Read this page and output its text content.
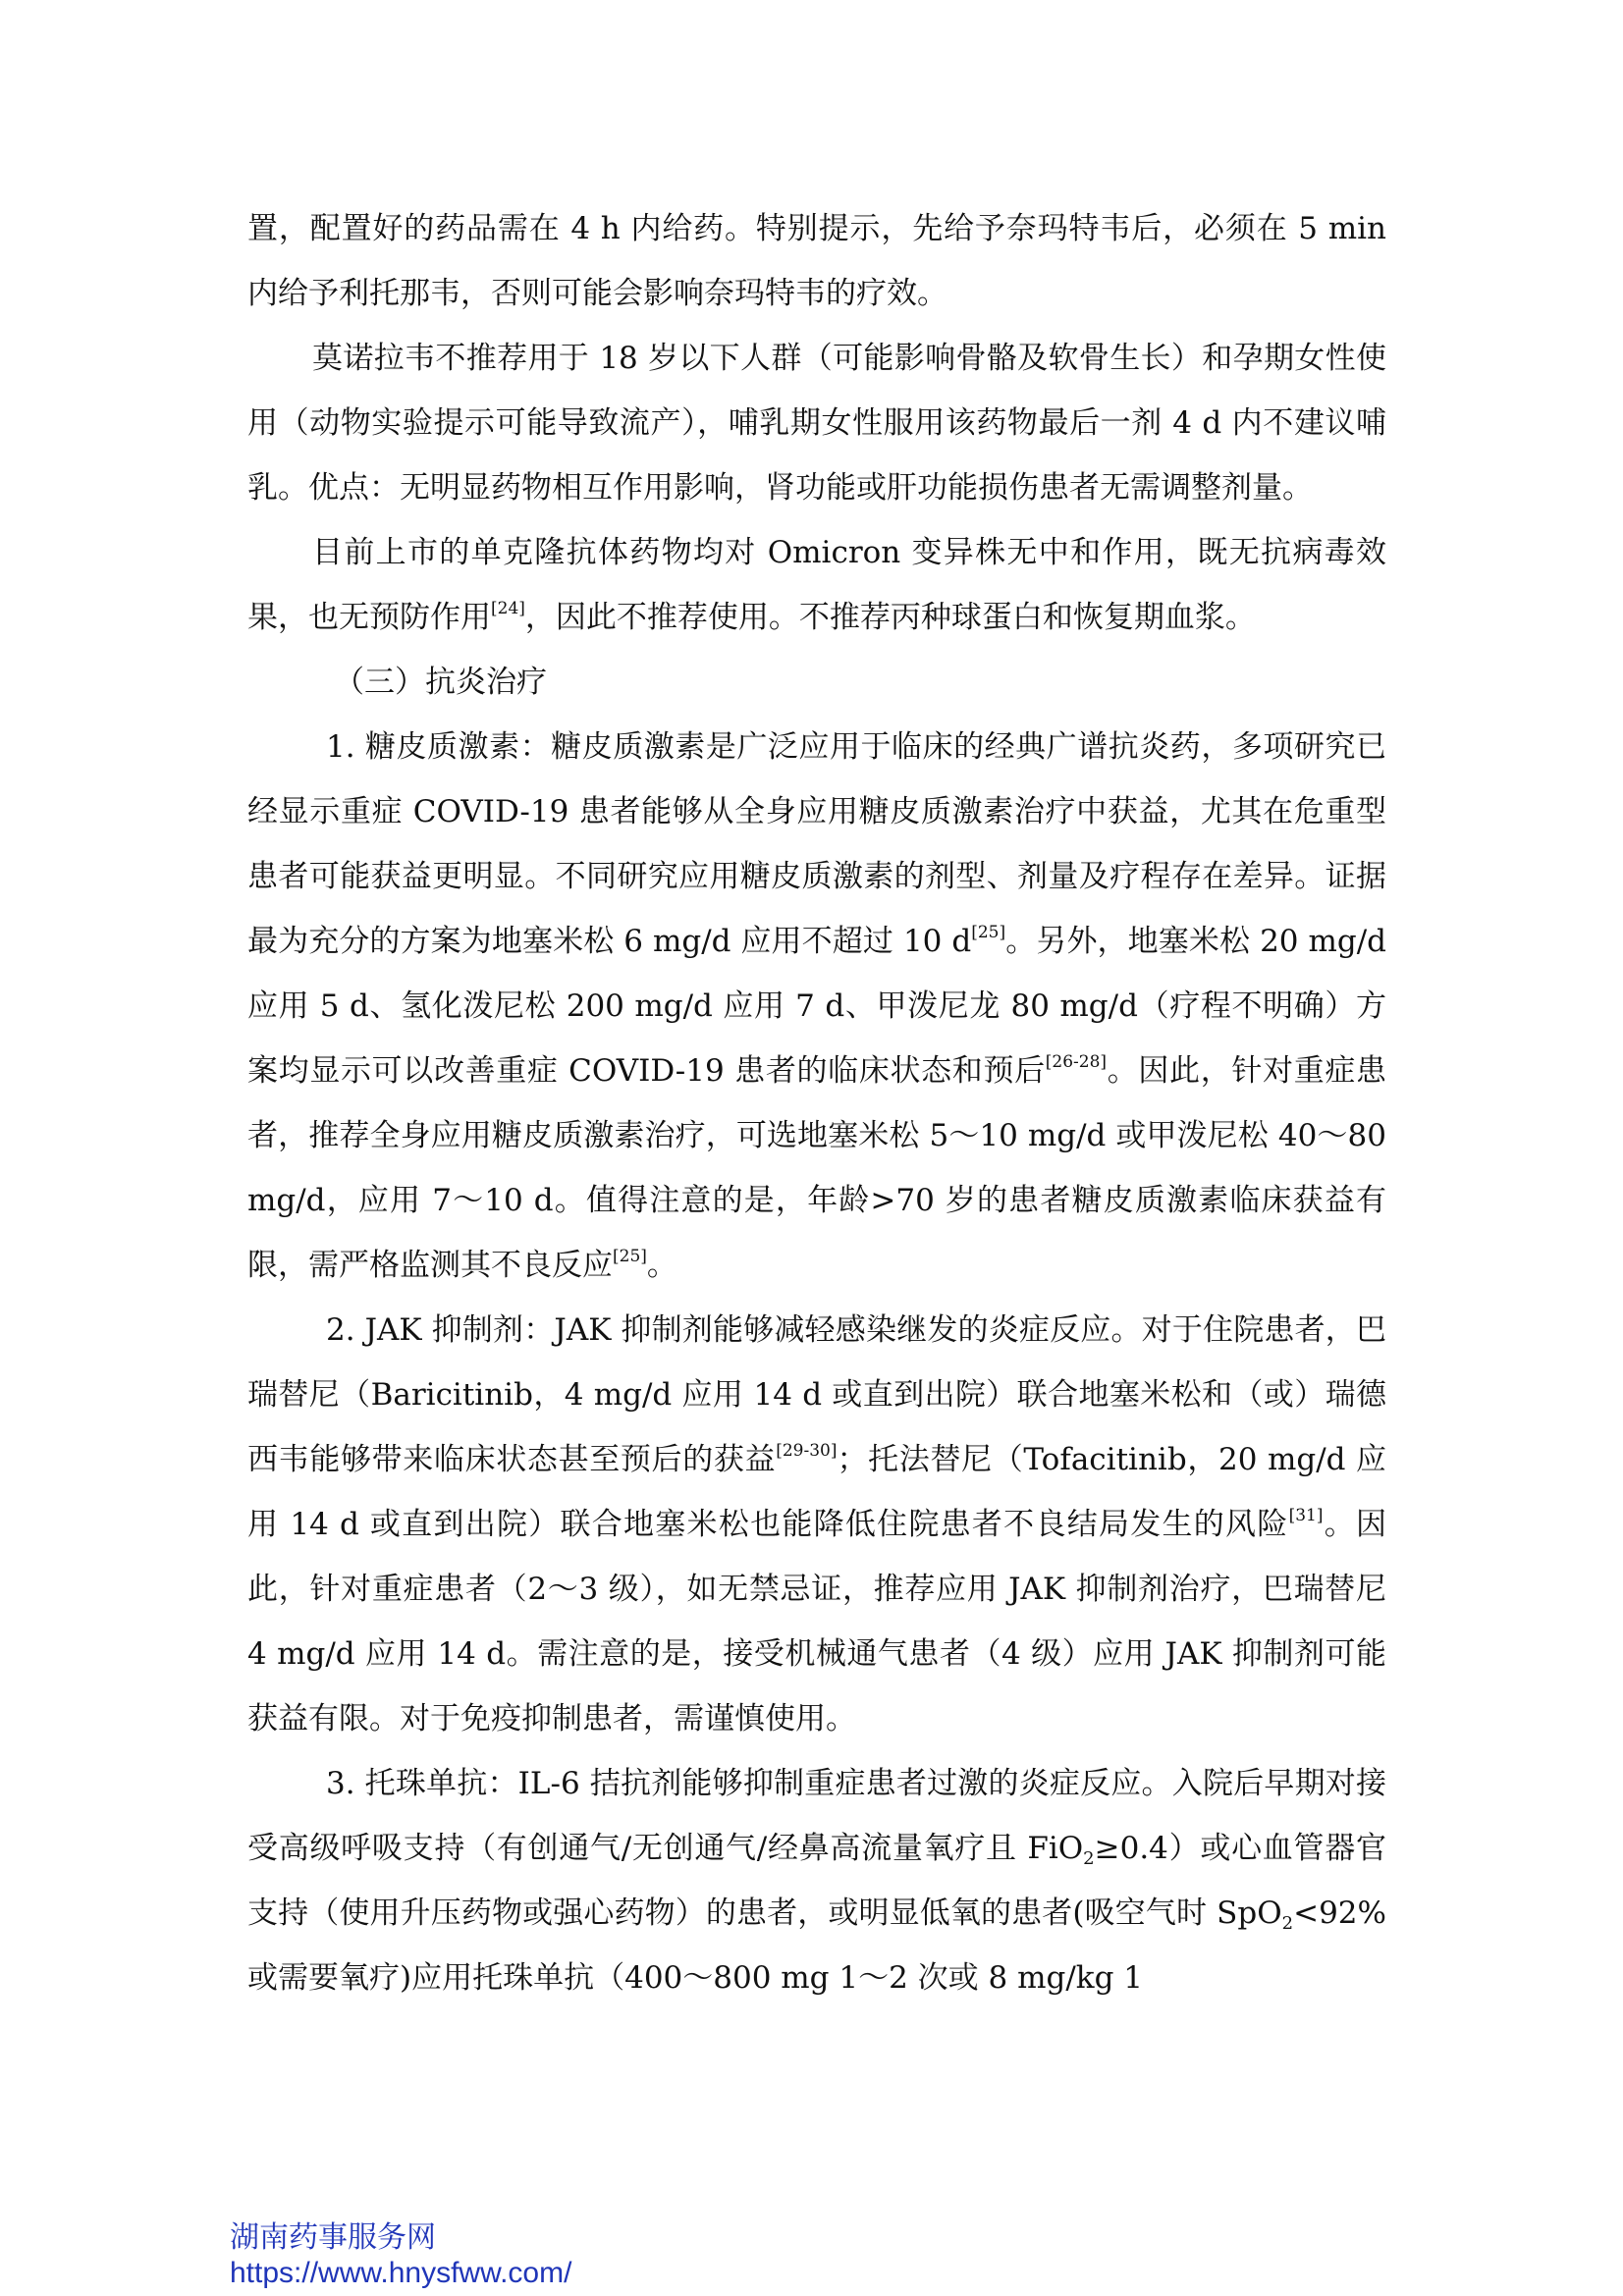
置，配置好的药品需在 4 h 内给药。特别提示，先给予奈玛特韦后，必须在 5 min 内给予利托那韦，否则可能会影响奈玛特韦的疗效。

莫诺拉韦不推荐用于 18 岁以下人群（可能影响骨骼及软骨生长）和孕期女性使用（动物实验提示可能导致流产），哺乳期女性服用该药物最后一剂 4 d 内不建议哺乳。优点：无明显药物相互作用影响，肾功能或肝功能损伤患者无需调整剂量。

目前上市的单克隆抗体药物均对 Omicron 变异株无中和作用，既无抗病毒效果，也无预防作用[24]，因此不推荐使用。不推荐丙种球蛋白和恢复期血浆。

（三）抗炎治疗

1. 糖皮质激素：糖皮质激素是广泛应用于临床的经典广谱抗炎药，多项研究已经显示重症 COVID-19 患者能够从全身应用糖皮质激素治疗中获益，尤其在危重型患者可能获益更明显。不同研究应用糖皮质激素的剂型、剂量及疗程存在差异。证据最为充分的方案为地塞米松 6 mg/d 应用不超过 10 d[25]。另外，地塞米松 20 mg/d 应用 5 d、氢化泼尼松 200 mg/d 应用 7 d、甲泼尼龙 80 mg/d（疗程不明确）方案均显示可以改善重症 COVID-19 患者的临床状态和预后[26-28]。因此，针对重症患者，推荐全身应用糖皮质激素治疗，可选地塞米松 5～10 mg/d 或甲泼尼松 40～80 mg/d，应用 7～10 d。值得注意的是，年龄>70 岁的患者糖皮质激素临床获益有限，需严格监测其不良反应[25]。

2. JAK 抑制剂：JAK 抑制剂能够减轻感染继发的炎症反应。对于住院患者，巴瑞替尼（Baricitinib，4 mg/d 应用 14 d 或直到出院）联合地塞米松和（或）瑞德西韦能够带来临床状态甚至预后的获益[29-30]；托法替尼（Tofacitinib，20 mg/d 应用 14 d 或直到出院）联合地塞米松也能降低住院患者不良结局发生的风险[31]。因此，针对重症患者（2～3 级），如无禁忌证，推荐应用 JAK 抑制剂治疗，巴瑞替尼 4 mg/d 应用 14 d。需注意的是，接受机械通气患者（4 级）应用 JAK 抑制剂可能获益有限。对于免疫抑制患者，需谨慎使用。

3. 托珠单抗：IL-6 拮抗剂能够抑制重症患者过激的炎症反应。入院后早期对接受高级呼吸支持（有创通气/无创通气/经鼻高流量氧疗且 FiO$_2$≥0.4）或心血管器官支持（使用升压药物或强心药物）的患者，或明显低氧的患者(吸空气时 SpO$_2$<92% 或需要氧疗)应用托珠单抗（400～800 mg 1～2 次或 8 mg/kg 1

湖南药事服务网
https://www.hnysfww.com/
